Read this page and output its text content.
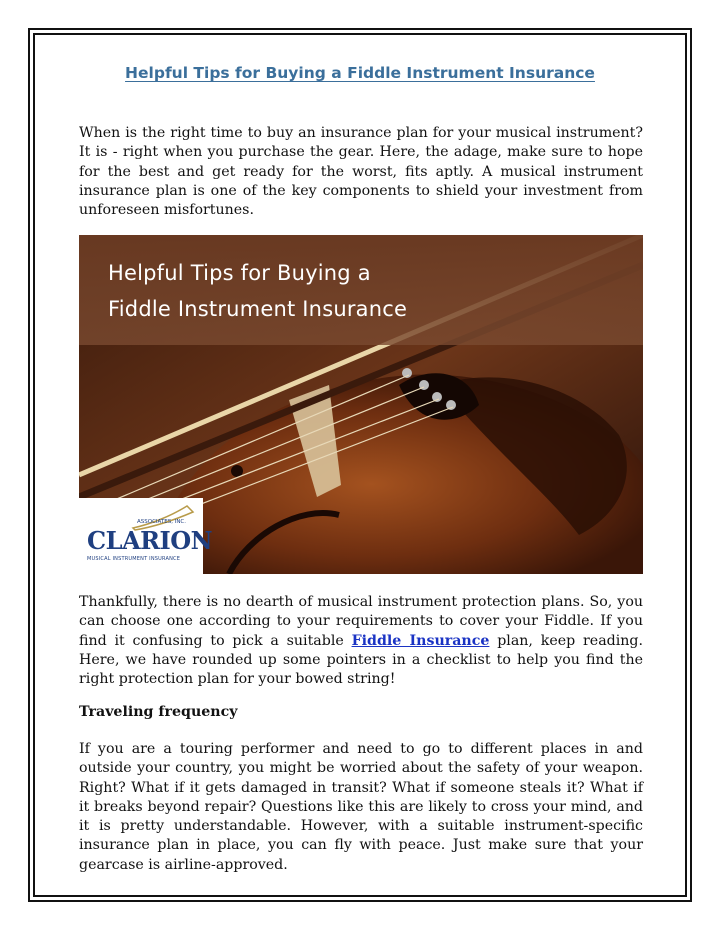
Helpful Tips for Buying a Fiddle Instrument Insurance
When is the right time to buy an insurance plan for your musical instrument? It is - right when you purchase the gear. Here, the adage, make sure to hope for the best and get ready for the worst, fits aptly. A musical instrument insurance plan is one of the key components to shield your investment from unforeseen misfortunes.
Helpful Tips for Buying a
Fiddle Instrument Insurance
ASSOCIATES, INC.
CLARION
MUSICAL INSTRUMENT INSURANCE
Thankfully, there is no dearth of musical instrument protection plans. So, you can choose one according to your requirements to cover your Fiddle. If you find it confusing to pick a suitable Fiddle Insurance plan, keep reading. Here, we have rounded up some pointers in a checklist to help you find the right protection plan for your bowed string!
Traveling frequency
If you are a touring performer and need to go to different places in and outside your country, you might be worried about the safety of your weapon. Right? What if it gets damaged in transit? What if someone steals it? What if it breaks beyond repair? Questions like this are likely to cross your mind, and it is pretty understandable. However, with a suitable instrument-specific insurance plan in place, you can fly with peace. Just make sure that your gearcase is airline-approved.
